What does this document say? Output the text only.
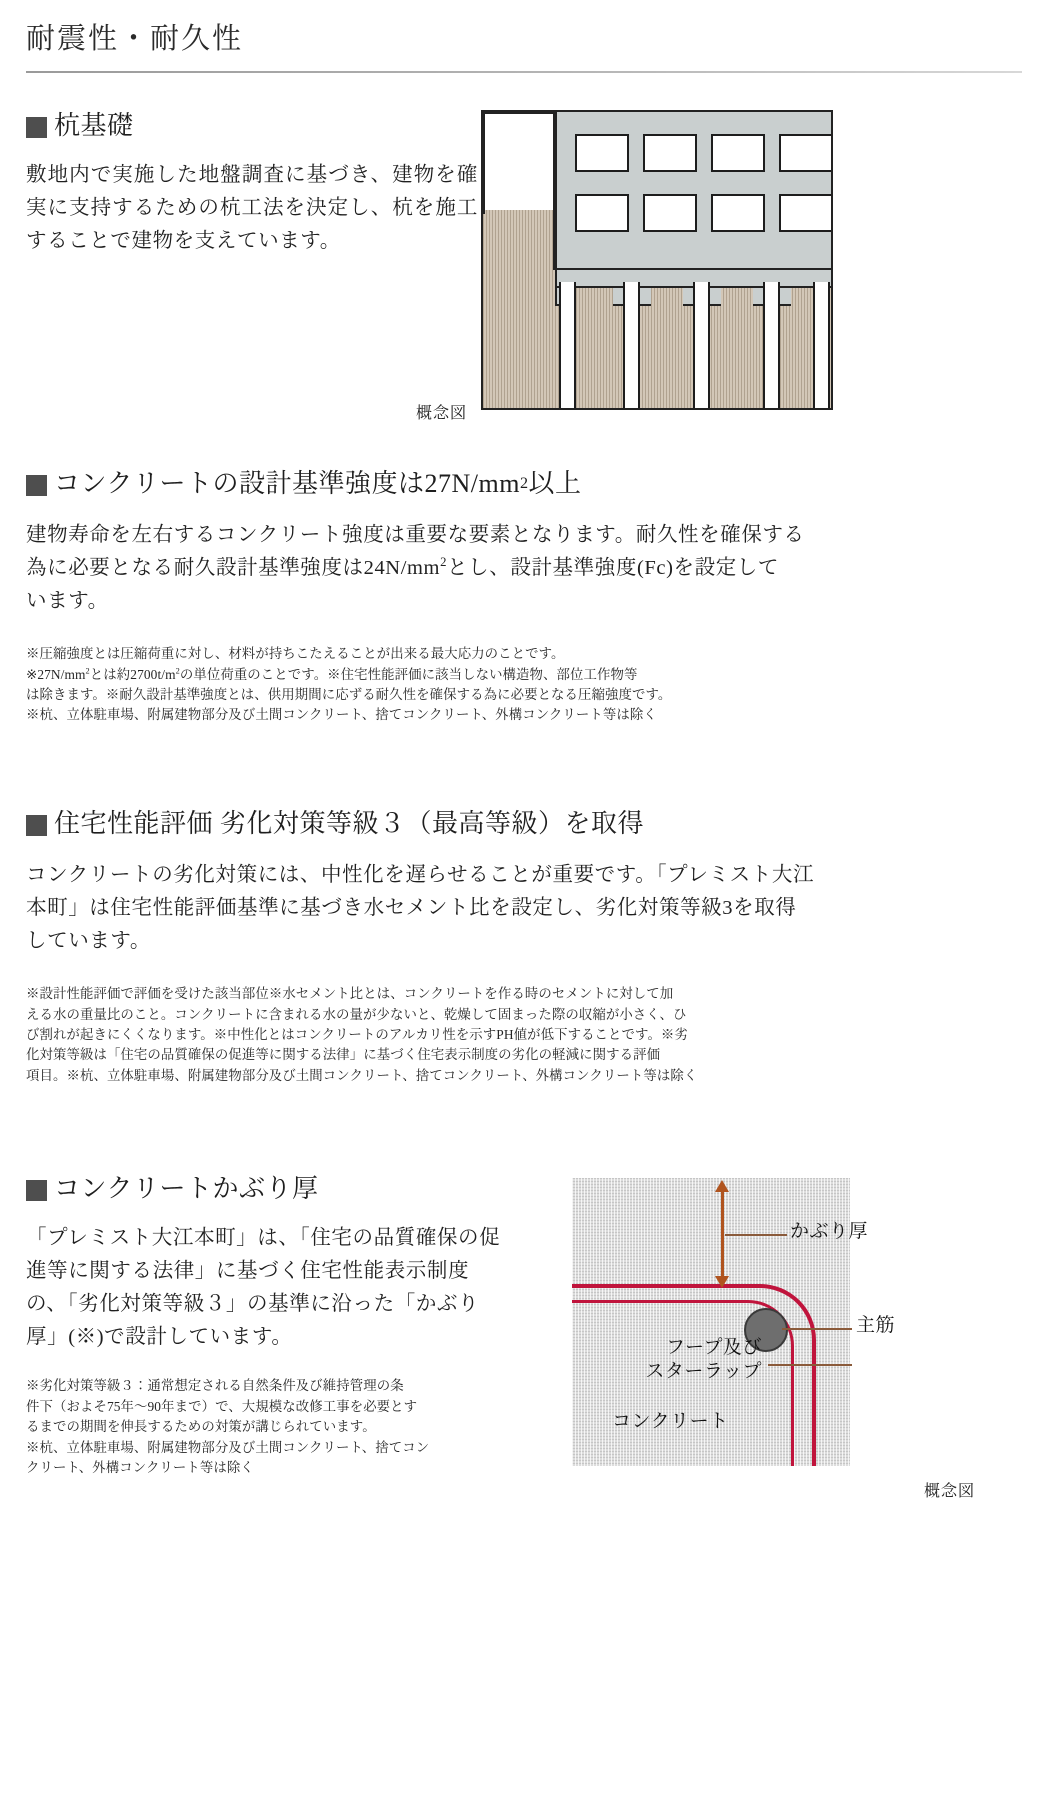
耐震性・耐久性
杭基礎
敷地内で実施した地盤調査に基づき、建物を確実に支持するための杭工法を決定し、杭を施工することで建物を支えています。
概念図
コンクリートの設計基準強度は27N/mm 2 以上
建物寿命を左右するコンクリート強度は重要な要素となります。耐久性を確保する
為に必要となる耐久設計基準強度は$24N/mm^2$とし、設計基準強度(Fc)を設定して
います。
※圧縮強度とは圧縮荷重に対し、材料が持ちこたえることが出来る最大応力のことです。
$※27N/mm^2$とは約$2700t/m^2$の単位荷重のことです。※住宅性能評価に該当しない構造物、部位工作物等
は除きます。※耐久設計基準強度とは、供用期間に応ずる耐久性を確保する為に必要となる圧縮強度です。
※杭、立体駐車場、附属建物部分及び土間コンクリート、捨てコンクリート、外構コンクリート等は除く
住宅性能評価 劣化対策等級３（最高等級）を取得
コンクリートの劣化対策には、中性化を遅らせることが重要です。「プレミスト大江
本町」は住宅性能評価基準に基づき水セメント比を設定し、劣化対策等級3を取得
しています。
※設計性能評価で評価を受けた該当部位※水セメント比とは、コンクリートを作る時のセメントに対して加
える水の重量比のこと。コンクリートに含まれる水の量が少ないと、乾燥して固まった際の収縮が小さく、ひ
び割れが起きにくくなります。※中性化とはコンクリートのアルカリ性を示すPH値が低下することです。※劣
化対策等級は「住宅の品質確保の促進等に関する法律」に基づく住宅表示制度の劣化の軽減に関する評価
項目。※杭、立体駐車場、附属建物部分及び土間コンクリート、捨てコンクリート、外構コンクリート等は除く
コンクリートかぶり厚
「プレミスト大江本町」は、「住宅の品質確保の促
進等に関する法律」に基づく住宅性能表示制度
の、「劣化対策等級３」の基準に沿った「かぶり
厚」(※)で設計しています。
※劣化対策等級３：通常想定される自然条件及び維持管理の条
件下（およそ75年～90年まで）で、大規模な改修工事を必要とす
るまでの期間を伸長するための対策が講じられています。
※杭、立体駐車場、附属建物部分及び土間コンクリート、捨てコン
クリート、外構コンクリート等は除く
かぶり厚
主筋
フープ及び
スターラップ
コンクリート
概念図
